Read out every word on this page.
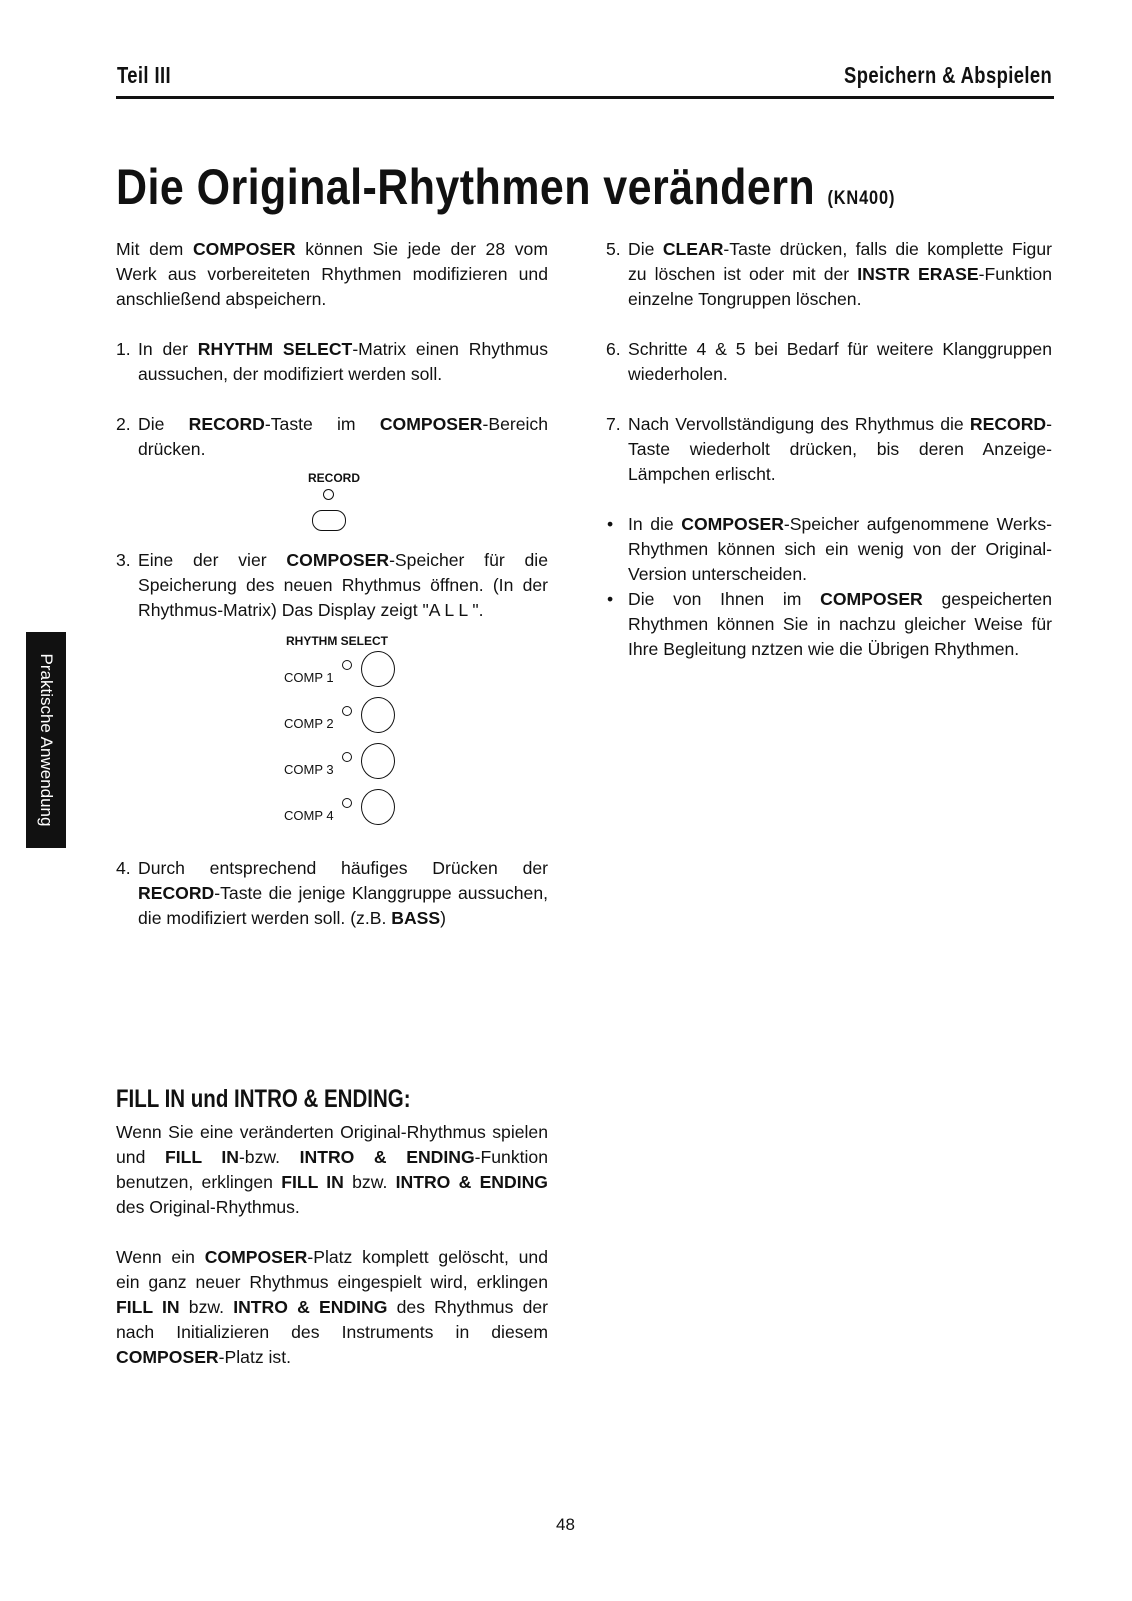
Teil III	Speichern & Abspielen
Die Original-Rhythmen verändern (KN400)

Mit dem COMPOSER können Sie jede der 28 vom Werk aus vorbereiteten Rhythmen modifizieren und anschließend abspeichern.

1. In der RHYTHM SELECT-Matrix einen Rhythmus aussuchen, der modifiziert werden soll.

2. Die RECORD-Taste im COMPOSER-Bereich drücken.

RECORD
3. Eine der vier COMPOSER-Speicher für die Speicherung des neuen Rhythmus öffnen. (In der Rhythmus-Matrix) Das Display zeigt "A L L ".

RHYTHM SELECT
COMP 1
COMP 2
COMP 3
COMP 4
4. Durch entsprechend häufiges Drücken der RECORD-Taste die jenige Klanggruppe aussuchen, die modifiziert werden soll. (z.B. BASS)

5. Die CLEAR-Taste drücken, falls die komplette Figur zu löschen ist oder mit der INSTR ERASE-Funktion einzelne Tongruppen löschen.

6. Schritte 4 & 5 bei Bedarf für weitere Klanggruppen wiederholen.

7. Nach Vervollständigung des Rhythmus die RECORD-Taste wiederholt drücken, bis deren Anzeige-Lämpchen erlischt.

• In die COMPOSER-Speicher aufgenommene Werks-Rhythmen können sich ein wenig von der Original-Version unterscheiden.

• Die von Ihnen im COMPOSER gespeicherten Rhythmen können Sie in nachzu gleicher Weise für Ihre Begleitung nztzen wie die Übrigen Rhythmen.

FILL IN und INTRO & ENDING:

Wenn Sie eine veränderten Original-Rhythmus spielen und FILL IN-bzw. INTRO & ENDING-Funktion benutzen, erklingen FILL IN bzw. INTRO & ENDING des Original-Rhythmus.

Wenn ein COMPOSER-Platz komplett gelöscht, und ein ganz neuer Rhythmus eingespielt wird, erklingen FILL IN bzw. INTRO & ENDING des Rhythmus der nach Initializieren des Instruments in diesem COMPOSER-Platz ist.

Praktische Anwendung
48
